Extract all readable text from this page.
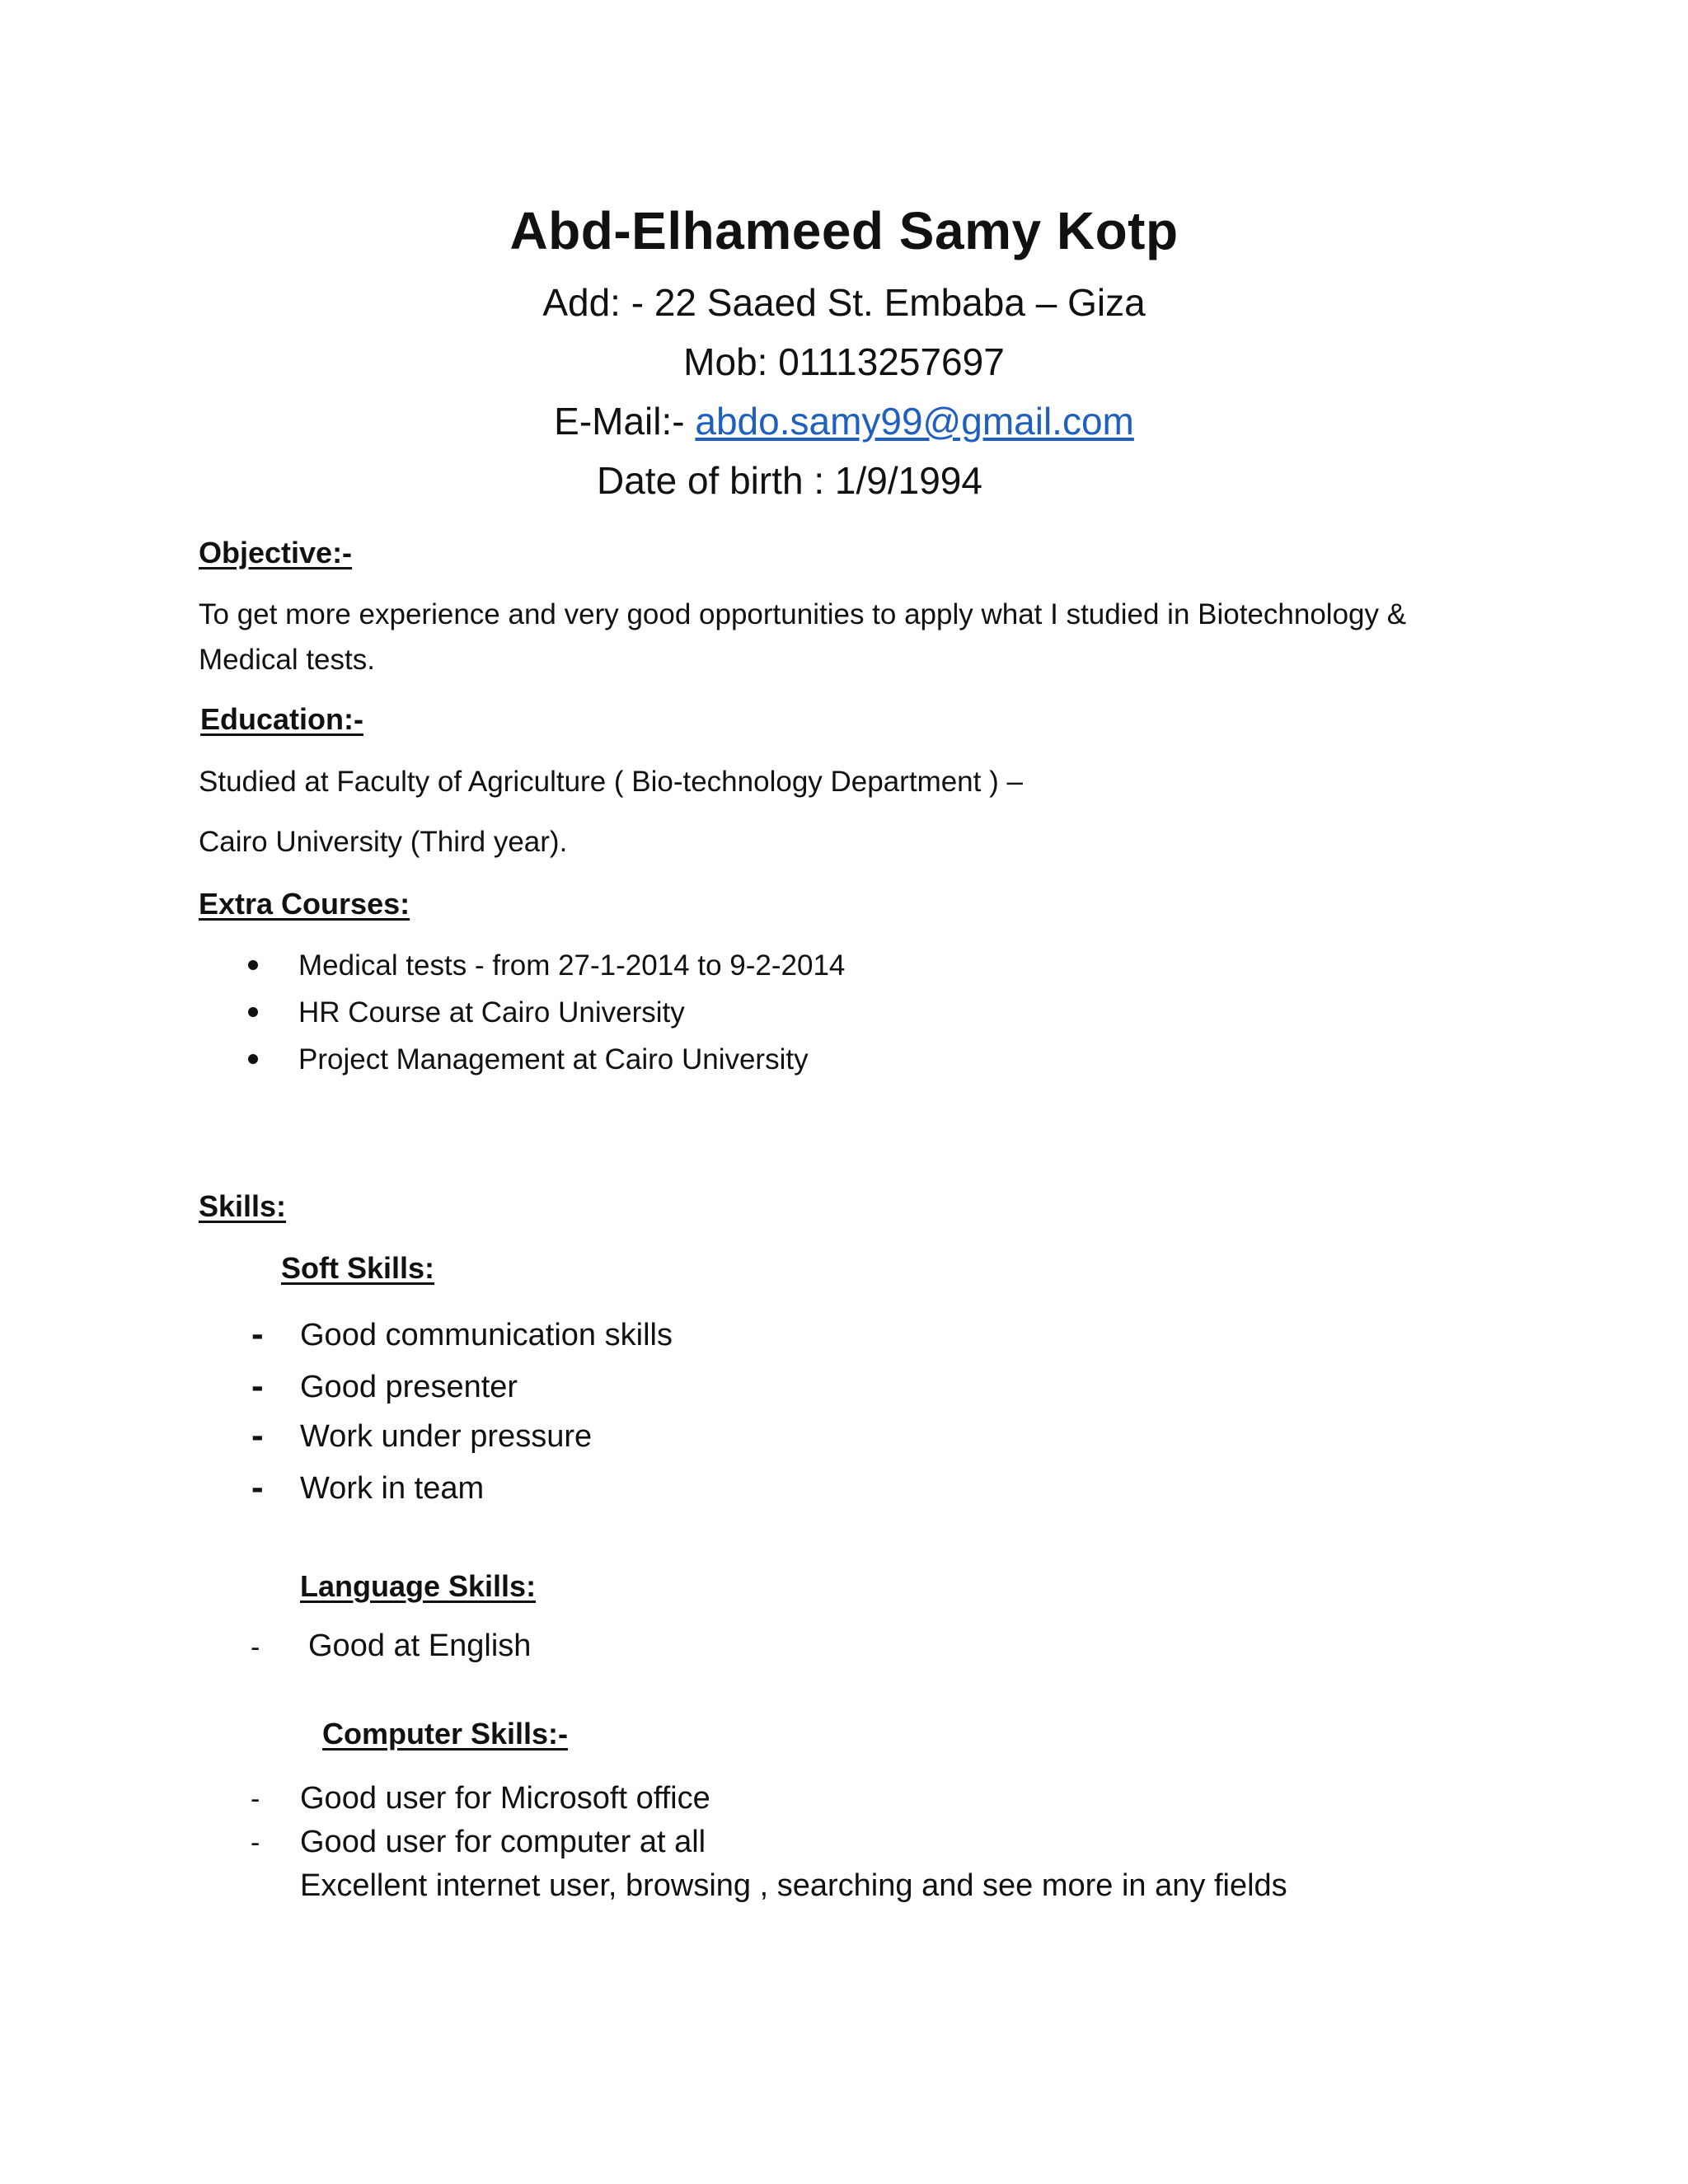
Abd-Elhameed Samy Kotp
Add: - 22 Saaed St. Embaba – Giza
Mob: 01113257697
E-Mail:- abdo.samy99@gmail.com
Date of birth : 1/9/1994
Objective:-
To get more experience and very good opportunities to apply what I studied in Biotechnology &
Medical tests.
Education:-
Studied at Faculty of Agriculture ( Bio-technology Department ) –
Cairo University (Third year).
Extra Courses:
Medical tests - from 27-1-2014 to 9-2-2014
HR Course at Cairo University
Project Management at Cairo University
Skills:
Soft Skills:
- Good communication skills
- Good presenter
- Work under pressure
- Work in team
Language Skills:
- Good at English
Computer Skills:-
- Good user for Microsoft office
- Good user for computer at all
Excellent internet user, browsing , searching and see more in any fields
